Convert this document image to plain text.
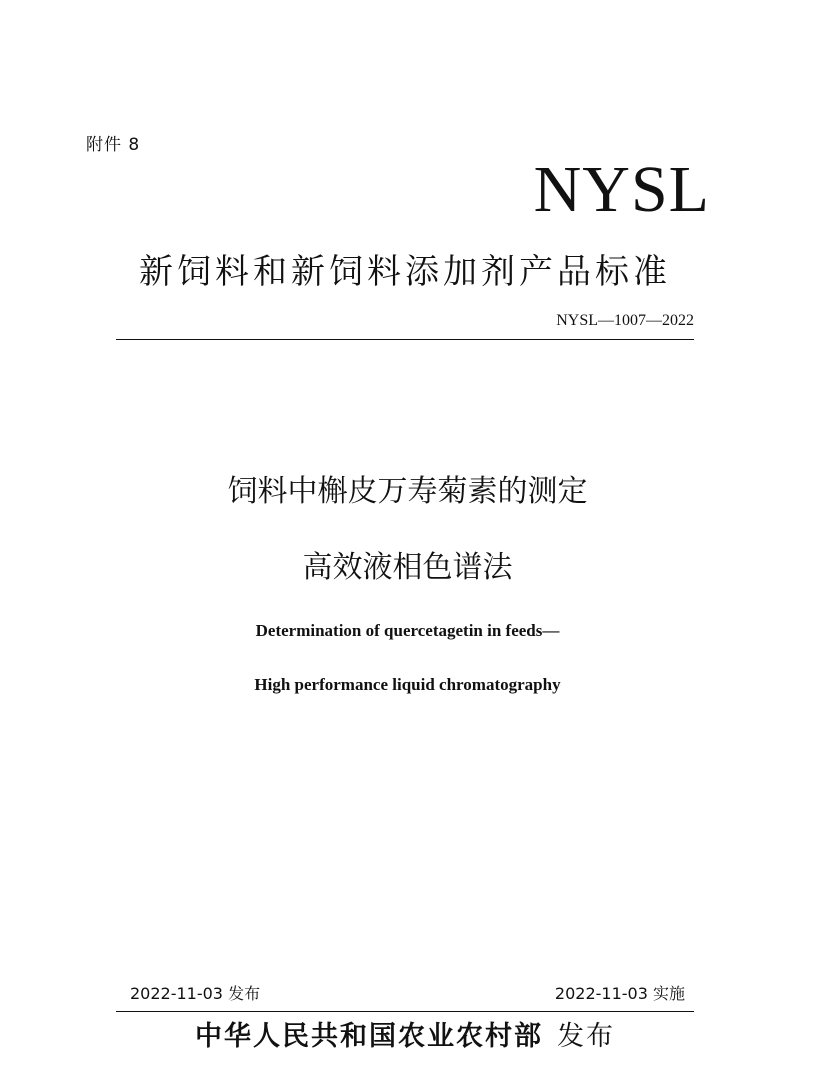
附件 8
NYSL
新饲料和新饲料添加剂产品标准
NYSL—1007—2022
饲料中槲皮万寿菊素的测定
高效液相色谱法
Determination of quercetagetin in feeds—
High performance liquid chromatography
2022-11-03 发布	2022-11-03 实施
中华人民共和国农业农村部 发布
